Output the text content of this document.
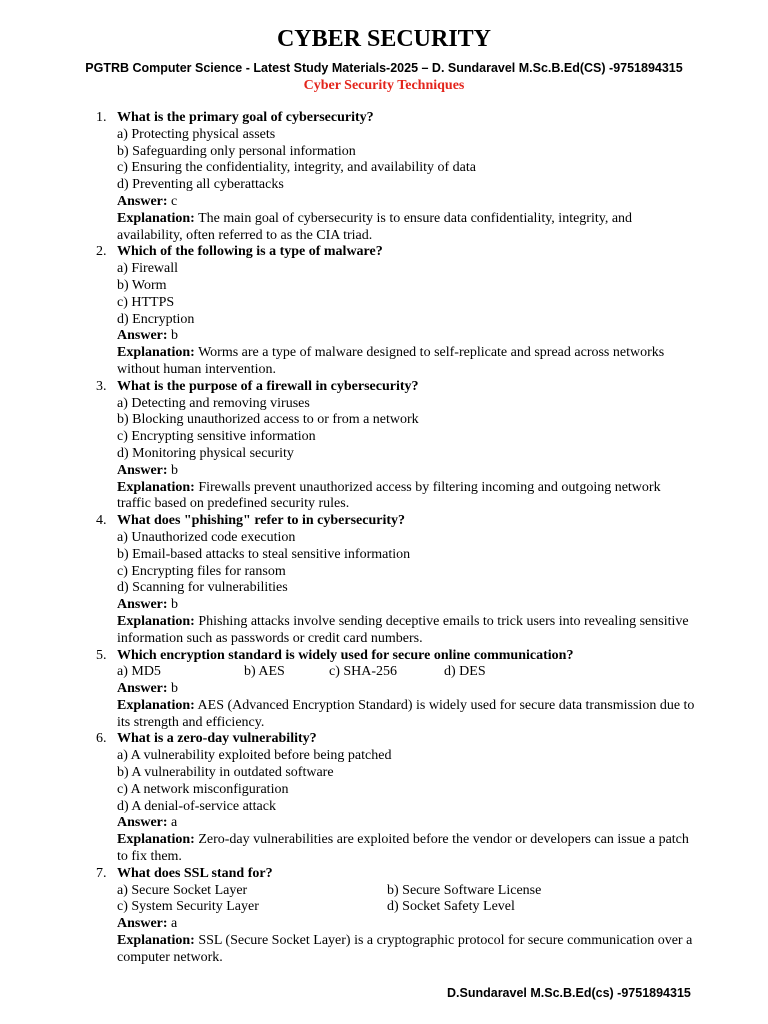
CYBER SECURITY
PGTRB Computer Science - Latest Study Materials-2025 – D. Sundaravel M.Sc.B.Ed(CS) -9751894315
Cyber Security Techniques
1. What is the primary goal of cybersecurity?
a) Protecting physical assets
b) Safeguarding only personal information
c) Ensuring the confidentiality, integrity, and availability of data
d) Preventing all cyberattacks
Answer: c
Explanation: The main goal of cybersecurity is to ensure data confidentiality, integrity, and availability, often referred to as the CIA triad.
2. Which of the following is a type of malware?
a) Firewall
b) Worm
c) HTTPS
d) Encryption
Answer: b
Explanation: Worms are a type of malware designed to self-replicate and spread across networks without human intervention.
3. What is the purpose of a firewall in cybersecurity?
a) Detecting and removing viruses
b) Blocking unauthorized access to or from a network
c) Encrypting sensitive information
d) Monitoring physical security
Answer: b
Explanation: Firewalls prevent unauthorized access by filtering incoming and outgoing network traffic based on predefined security rules.
4. What does "phishing" refer to in cybersecurity?
a) Unauthorized code execution
b) Email-based attacks to steal sensitive information
c) Encrypting files for ransom
d) Scanning for vulnerabilities
Answer: b
Explanation: Phishing attacks involve sending deceptive emails to trick users into revealing sensitive information such as passwords or credit card numbers.
5. Which encryption standard is widely used for secure online communication?
a) MD5	b) AES	c) SHA-256	d) DES
Answer: b
Explanation: AES (Advanced Encryption Standard) is widely used for secure data transmission due to its strength and efficiency.
6. What is a zero-day vulnerability?
a) A vulnerability exploited before being patched
b) A vulnerability in outdated software
c) A network misconfiguration
d) A denial-of-service attack
Answer: a
Explanation: Zero-day vulnerabilities are exploited before the vendor or developers can issue a patch to fix them.
7. What does SSL stand for?
a) Secure Socket Layer	b) Secure Software License
c) System Security Layer	d) Socket Safety Level
Answer: a
Explanation: SSL (Secure Socket Layer) is a cryptographic protocol for secure communication over a computer network.
D.Sundaravel M.Sc.B.Ed(cs) -9751894315
